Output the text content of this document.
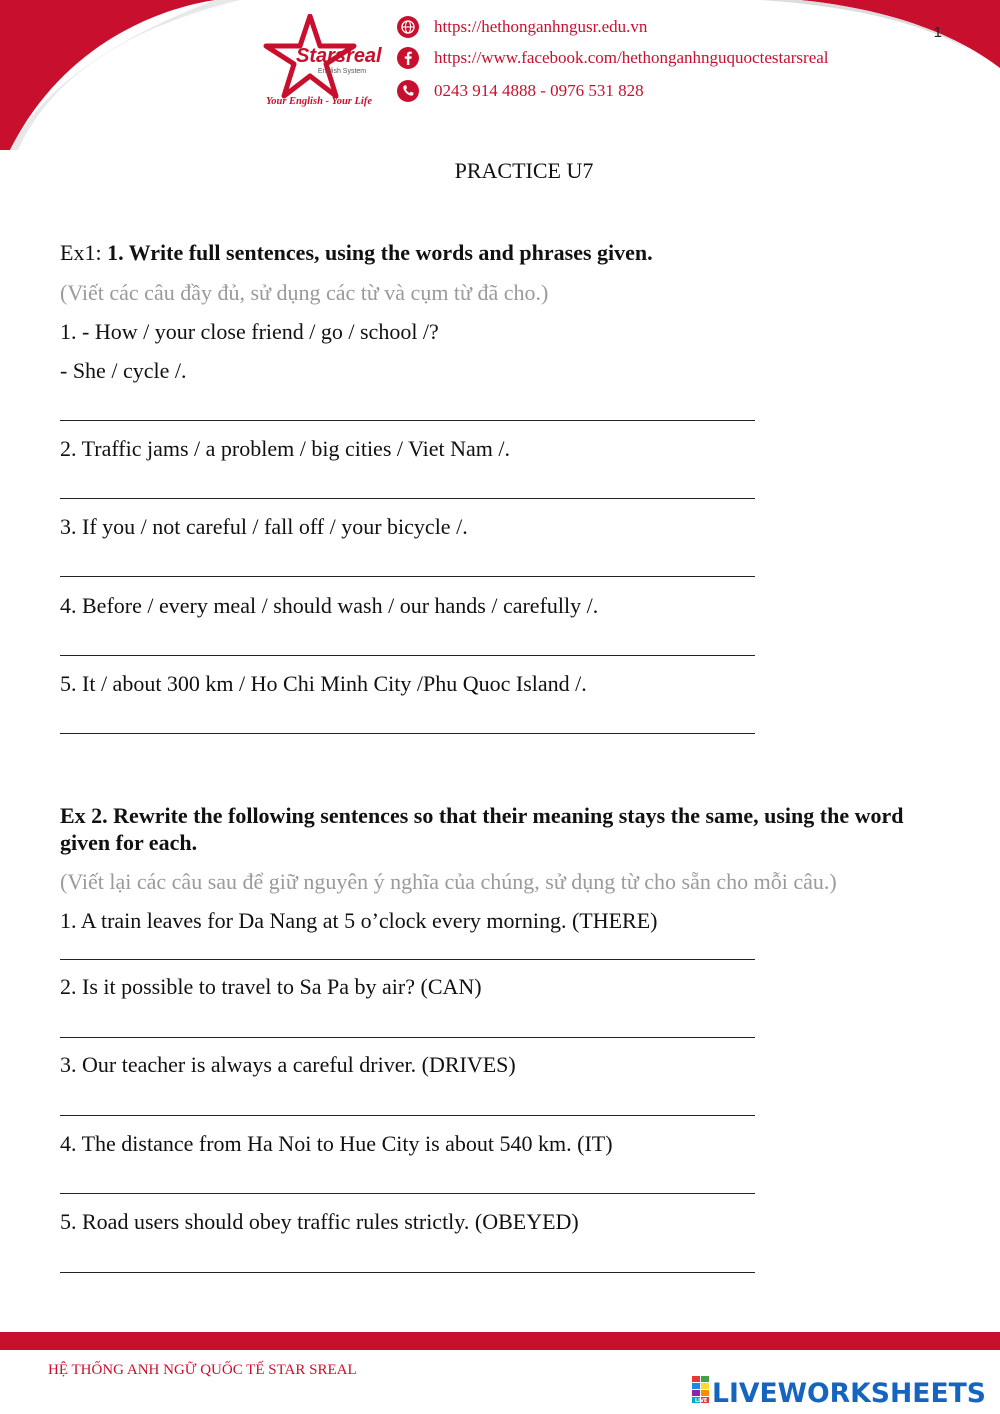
Starsreal
English System
Your English - Your Life
https://hethonganhngusr.edu.vn
https://www.facebook.com/hethonganhnguquoctestarsreal
0243 914 4888 - 0976 531 828
1
PRACTICE U7
Ex1: 1. Write full sentences, using the words and phrases given.
(Viết các câu đầy đủ, sử dụng các từ và cụm từ đã cho.)
1. - How / your close friend / go / school /?
- She / cycle /.
2. Traffic jams / a problem / big cities / Viet Nam /.
3. If you / not careful / fall off / your bicycle /.
4. Before / every meal / should wash / our hands / carefully /.
5. It / about 300 km / Ho Chi Minh City /Phu Quoc Island /.
Ex 2. Rewrite the following sentences so that their meaning stays the same, using the word given for each.
(Viết lại các câu sau để giữ nguyên ý nghĩa của chúng, sử dụng từ cho sẵn cho mỗi câu.)
1. A train leaves for Da Nang at 5 o’clock every morning. (THERE)
2. Is it possible to travel to Sa Pa by air? (CAN)
3. Our teacher is always a careful driver. (DRIVES)
4. The distance from Ha Noi to Hue City is about 540 km. (IT)
5. Road users should obey traffic rules strictly. (OBEYED)
HỆ THỐNG ANH NGỮ QUỐC TẾ STAR SREAL
LIVE LIVEWORKSHEETS
